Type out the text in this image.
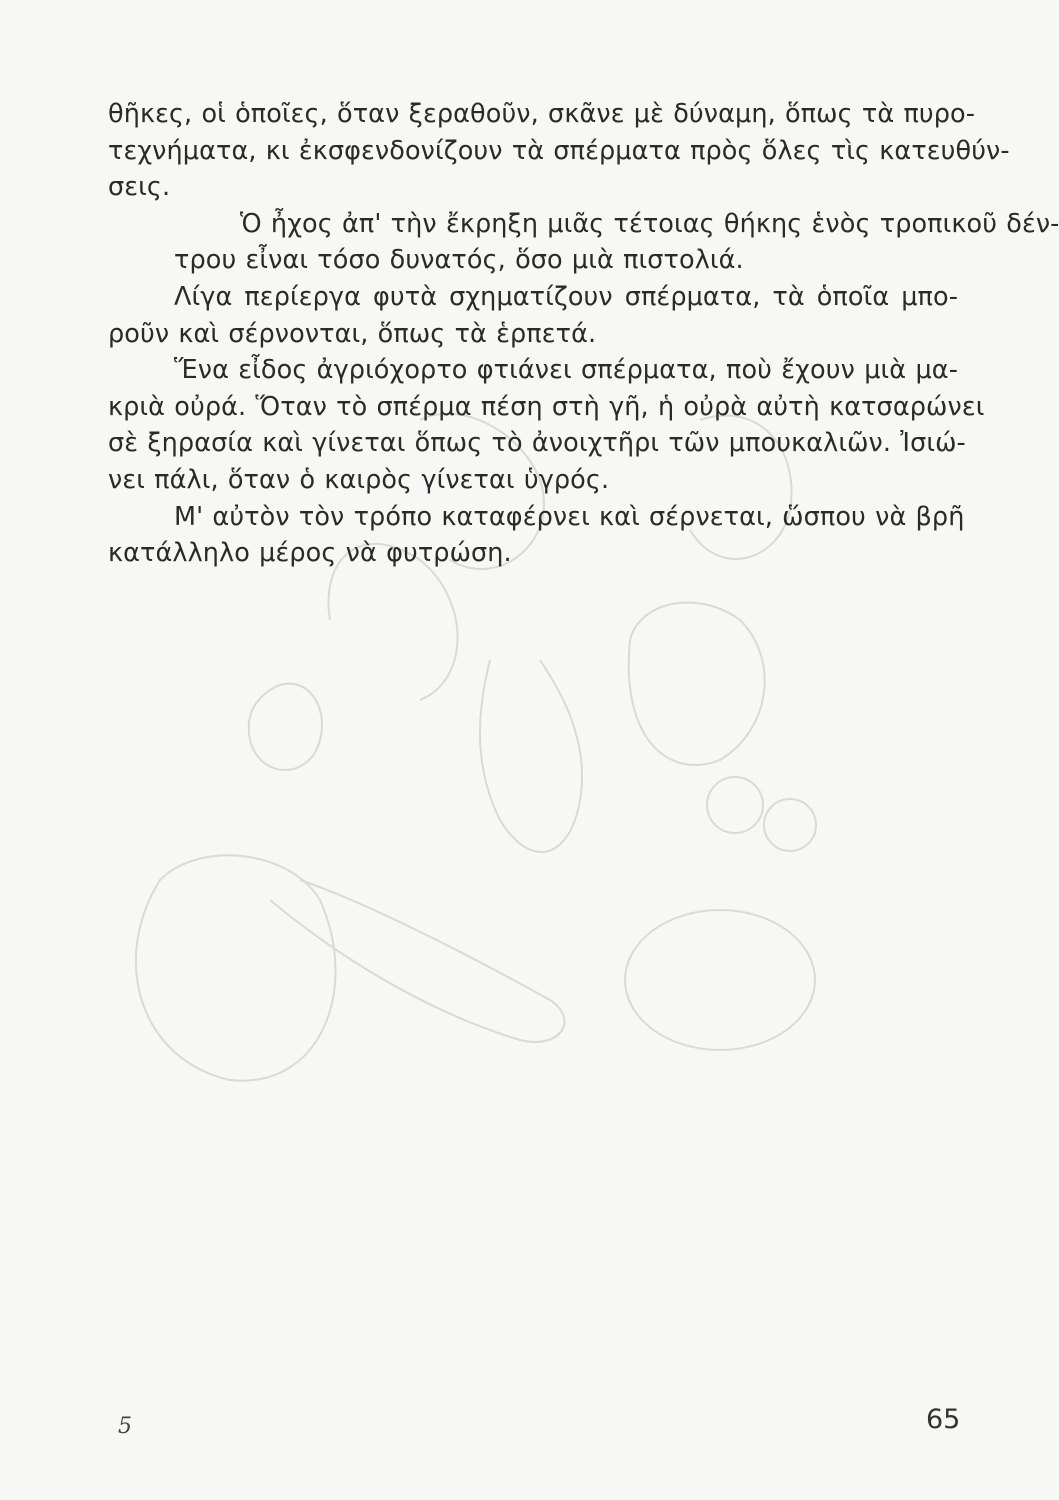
θῆκες, οἱ ὁποῖες, ὅταν ξεραθοῦν, σκᾶνε μὲ δύναμη, ὅπως τὰ πυρο-
τεχνήματα, κι ἐκσφενδονίζουν τὰ σπέρματα πρὸς ὅλες τὶς κατευθύν-
σεις.

Ὁ ἦχος ἀπ' τὴν ἔκρηξη μιᾶς τέτοιας θήκης ἑνὸς τροπικοῦ δέν-
τρου εἶναι τόσο δυνατός, ὅσο μιὰ πιστολιά.

Λίγα περίεργα φυτὰ σχηματίζουν σπέρματα, τὰ ὁποῖα μπο-
ροῦν καὶ σέρνονται, ὅπως τὰ ἑρπετά.

Ἕνα εἶδος ἀγριόχορτο φτιάνει σπέρματα, ποὺ ἔχουν μιὰ μα-
κριὰ οὐρά. Ὅταν τὸ σπέρμα πέση στὴ γῆ, ἡ οὐρὰ αὐτὴ κατσαρώνει
σὲ ξηρασία καὶ γίνεται ὅπως τὸ ἀνοιχτῆρι τῶν μπουκαλιῶν. Ἰσιώ-
νει πάλι, ὅταν ὁ καιρὸς γίνεται ὑγρός.

Μ' αὐτὸν τὸν τρόπο καταφέρνει καὶ σέρνεται, ὥσπου νὰ βρῆ
κατάλληλο μέρος νὰ φυτρώση.

5	65
